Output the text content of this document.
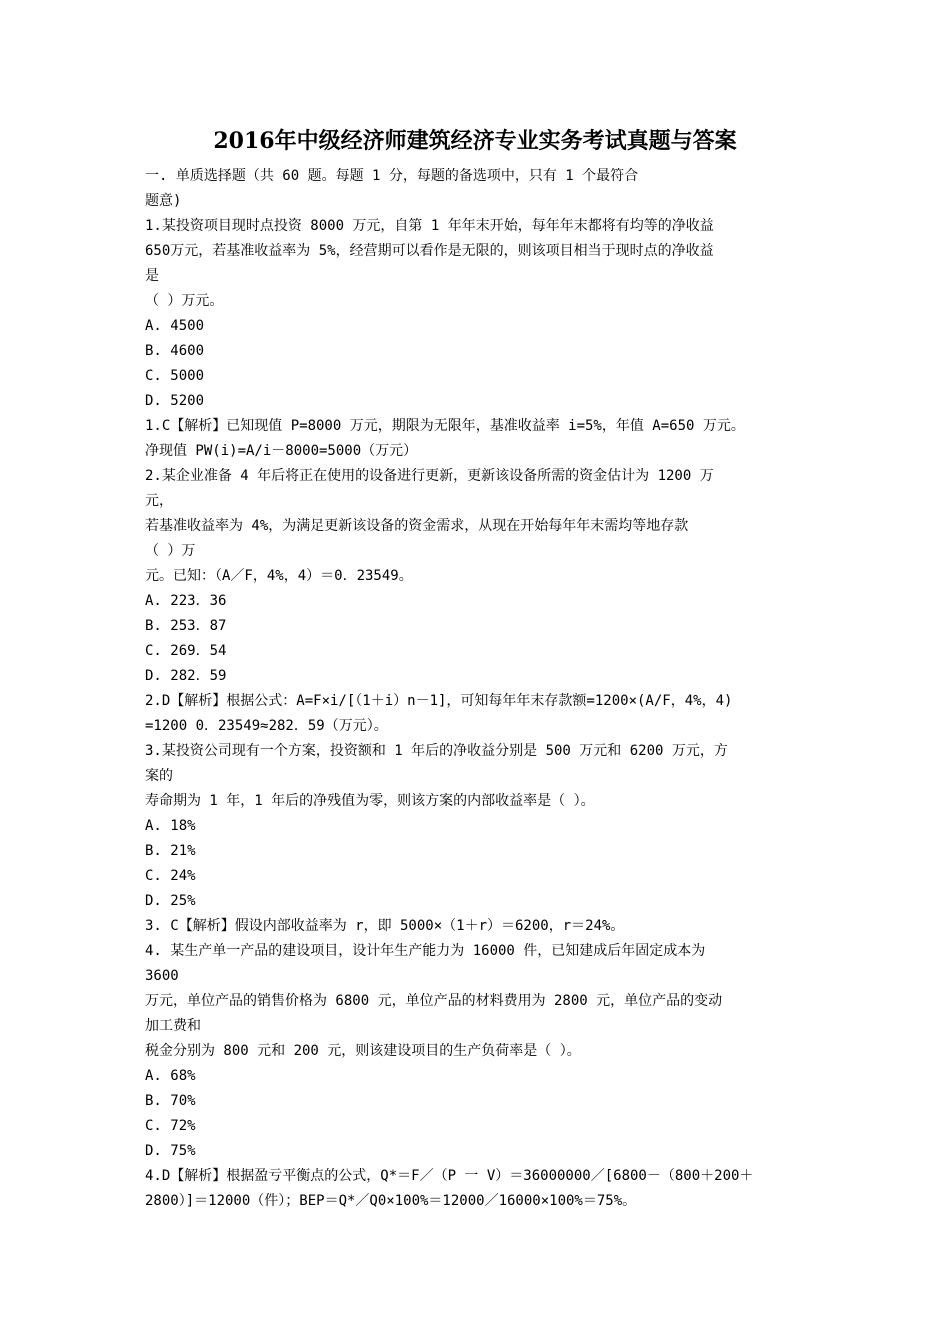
2016年中级经济师建筑经济专业实务考试真题与答案
一. 单质选择题（共 60 题。每题 1 分，每题的备选项中，只有 1 个最符合
题意)
1.某投资项目现时点投资 8000 万元，自第 1 年年末开始，每年年末都将有均等的净收益
650万元，若基准收益率为 5%，经营期可以看作是无限的，则该项目相当于现时点的净收益
是
（ ）万元。
A. 4500
B. 4600
C. 5000
D. 5200
1.C【解析】已知现值 P=8000 万元，期限为无限年，基准收益率 i=5%，年值 A=650 万元。
净现值 PW(i)=A/i－8000=5000（万元）
2.某企业准备 4 年后将正在使用的设备进行更新，更新该设备所需的资金估计为 1200 万
元，
若基准收益率为 4%，为满足更新该设备的资金需求，从现在开始每年年末需均等地存款
（ ）万
元。已知：（A／F，4%，4）＝0．23549。
A. 223．36
B. 253．87
C. 269．54
D. 282．59
2.D【解析】根据公式：A=F×i/[（1＋i）n－1]，可知每年年末存款额=1200×(A/F，4%，4)
=1200 0．23549≈282．59（万元）。
3.某投资公司现有一个方案，投资额和 1 年后的净收益分别是 500 万元和 6200 万元，方
案的
寿命期为 1 年，1 年后的净残值为零，则该方案的内部收益率是（ ）。
A. 18%
B. 21%
C. 24%
D. 25%
3. C【解析】假设内部收益率为 r，即 5000×（1＋r）＝6200，r＝24%。
4. 某生产单一产品的建设项目，设计年生产能力为 16000 件，已知建成后年固定成本为
3600
万元，单位产品的销售价格为 6800 元，单位产品的材料费用为 2800 元，单位产品的变动
加工费和
税金分别为 800 元和 200 元，则该建设项目的生产负荷率是（ ）。
A. 68%
B. 70%
C. 72%
D. 75%
4.D【解析】根据盈亏平衡点的公式，Q*＝F／（P 一 V）＝36000000／[6800－（800＋200＋
2800）]＝12000（件）；BEP＝Q*／Q0×100%＝12000／16000×100%＝75%。
